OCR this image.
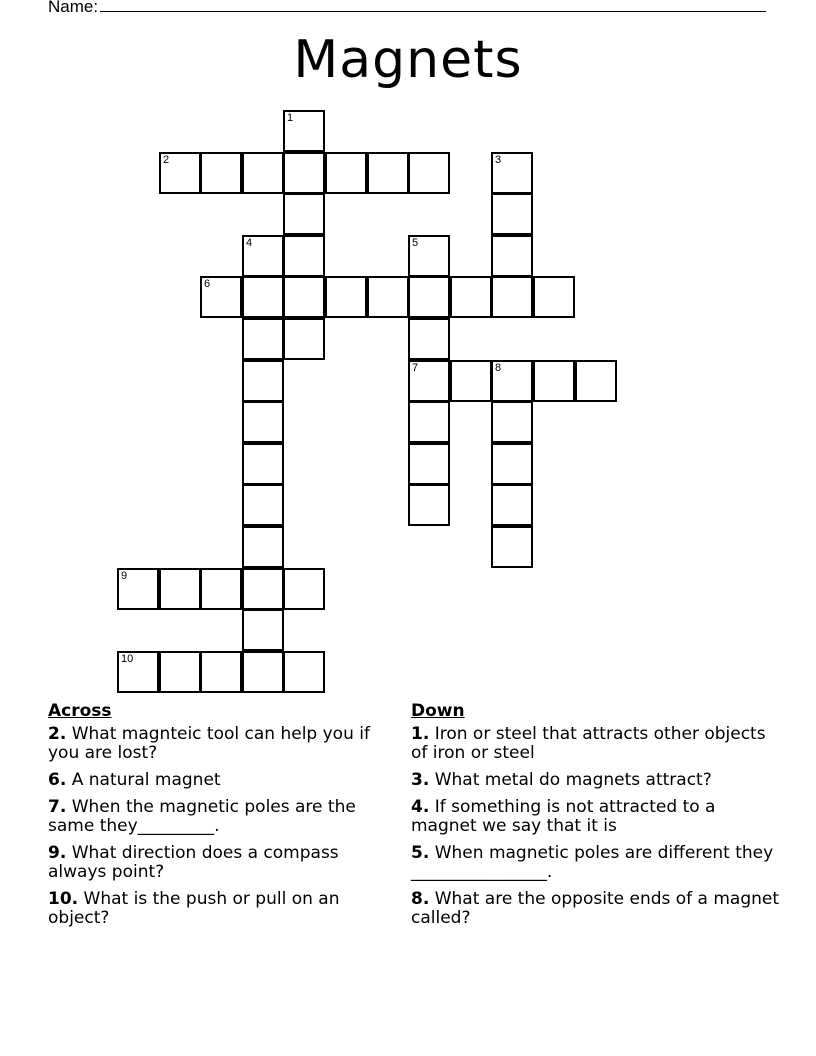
Name:
Magnets
1
2	3
4	5
6
7	8
9
10
Across
2. What magnteic tool can help you if you are lost?
6. A natural magnet
7. When the magnetic poles are the same they_________.
9. What direction does a compass always point?
10. What is the push or pull on an object?
Down
1. Iron or steel that attracts other objects of iron or steel
3. What metal do magnets attract?
4. If something is not attracted to a magnet we say that it is
5. When magnetic poles are different they ________________.
8. What are the opposite ends of a magnet called?
